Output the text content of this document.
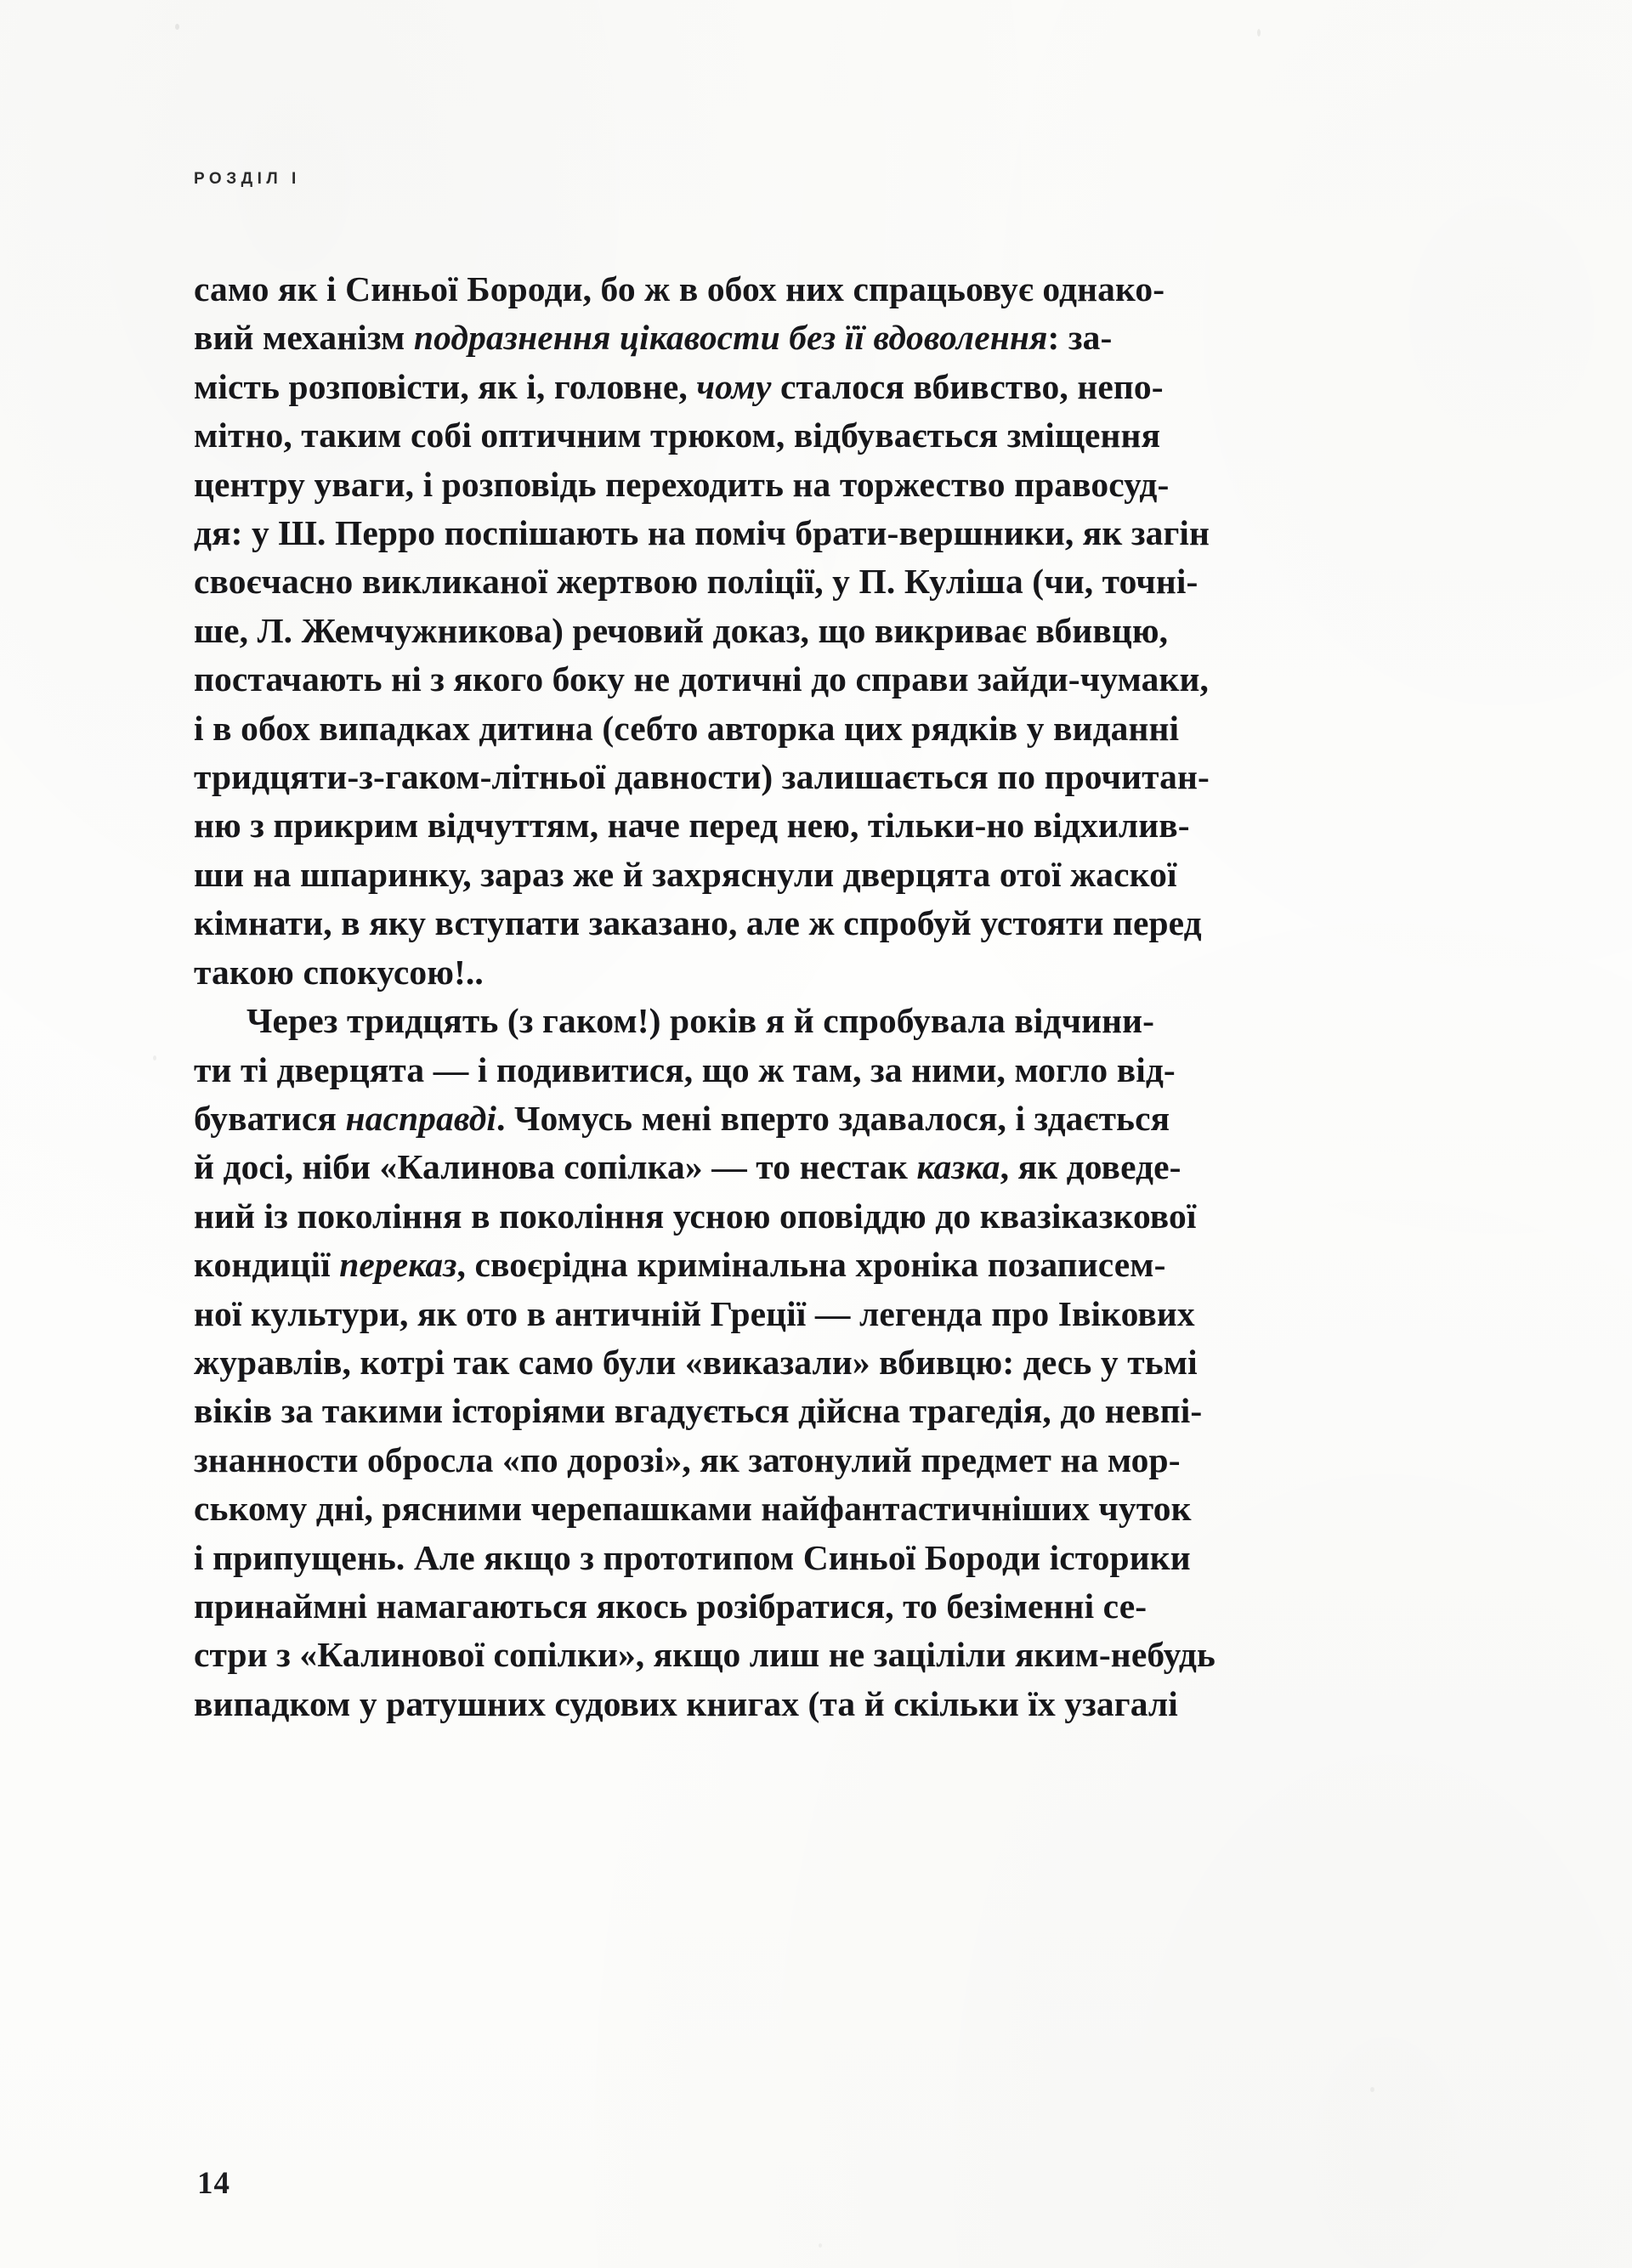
РОЗДІЛ I
само як і Синьої Бороди, бо ж в обох них спрацьовує однако-
вий механізм подразнення цікавости без її вдоволення: за-
мість розповісти, як і, головне, чому сталося вбивство, непо-
мітно, таким собі оптичним трюком, відбувається зміщення
центру уваги, і розповідь переходить на торжество правосуд-
дя: у Ш. Перро поспішають на поміч брати-вершники, як загін
своєчасно викликаної жертвою поліції, у П. Куліша (чи, точні-
ше, Л. Жемчужникова) речовий доказ, що викриває вбивцю,
постачають ні з якого боку не дотичні до справи зайди-чумаки,
і в обох випадках дитина (себто авторка цих рядків у виданні
тридцяти-з-гаком-літньої давности) залишається по прочитан-
ню з прикрим відчуттям, наче перед нею, тільки-но відхилив-
ши на шпаринку, зараз же й захряснули дверцята отої жаскої
кімнати, в яку вступати заказано, але ж спробуй устояти перед
такою спокусою!..
Через тридцять (з гаком!) років я й спробувала відчини-
ти ті дверцята — і подивитися, що ж там, за ними, могло від-
буватися насправді. Чомусь мені вперто здавалося, і здається
й досі, ніби «Калинова сопілка» — то нестак казка, як доведе-
ний із покоління в покоління усною оповіддю до квазіказкової
кондиції переказ, своєрідна кримінальна хроніка позаписем-
ної культури, як ото в античній Греції — легенда про Івікових
журавлів, котрі так само були «виказали» вбивцю: десь у тьмі
віків за такими історіями вгадується дійсна трагедія, до невпі-
знанности обросла «по дорозі», як затонулий предмет на мор-
ському дні, рясними черепашками найфантастичніших чуток
і припущень. Але якщо з прототипом Синьої Бороди історики
принаймні намагаються якось розібратися, то безіменні се-
стри з «Калинової сопілки», якщо лиш не заціліли яким-небудь
випадком у ратушних судових книгах (та й скільки їх узагалі
14
